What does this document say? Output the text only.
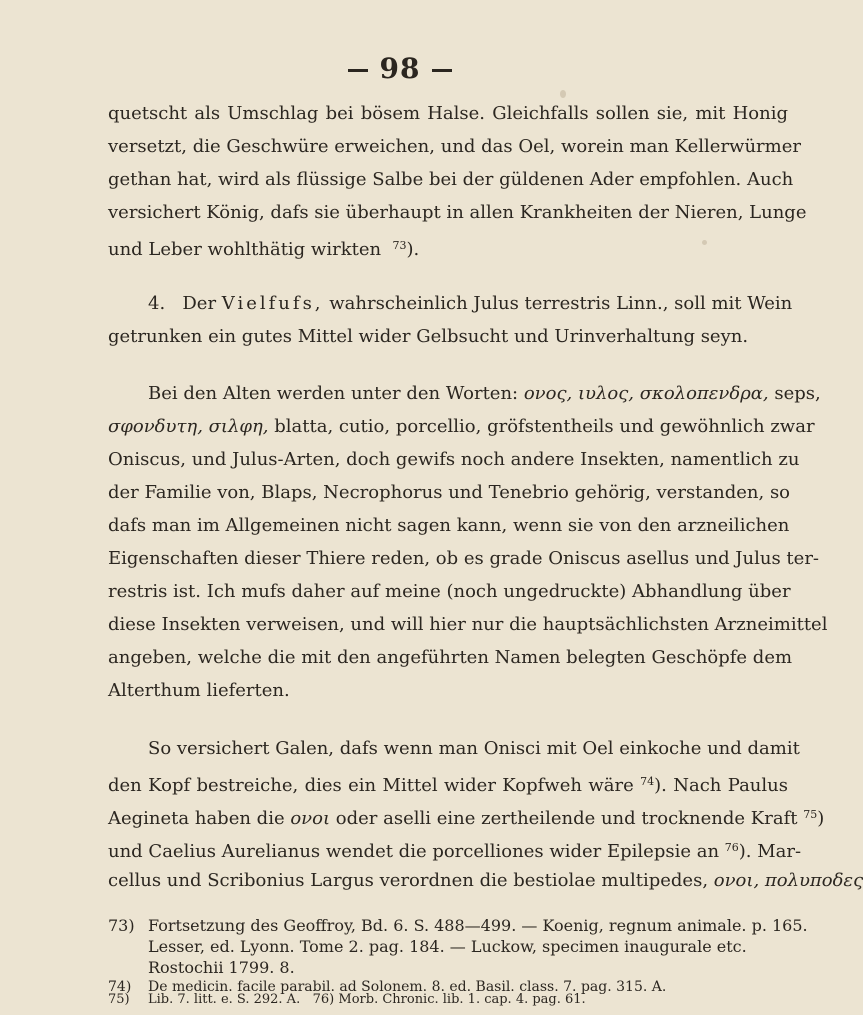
98
quetscht als Umschlag bei bösem Halse. Gleichfalls sollen sie, mit Honig
versetzt, die Geschwüre erweichen, und das Oel, worein man Kellerwürmer
gethan hat, wird als flüssige Salbe bei der güldenen Ader empfohlen. Auch
versichert König, dafs sie überhaupt in allen Krankheiten der Nieren, Lunge
und Leber wohlthätig wirkten $^{73}$).
4. Der Vielfufs, wahrscheinlich Julus terrestris Linn., soll mit Wein
getrunken ein gutes Mittel wider Gelbsucht und Urinverhaltung seyn.
Bei den Alten werden unter den Worten: ονος, ιυλος, σκολοπενδρα, seps,
σφονδυτη, σιλφη, blatta, cutio, porcellio, gröfstentheils und gewöhnlich zwar
Oniscus, und Julus-Arten, doch gewifs noch andere Insekten, namentlich zu
der Familie von, Blaps, Necrophorus und Tenebrio gehörig, verstanden, so
dafs man im Allgemeinen nicht sagen kann, wenn sie von den arzneilichen
Eigenschaften dieser Thiere reden, ob es grade Oniscus asellus und Julus ter-
restris ist. Ich mufs daher auf meine (noch ungedruckte) Abhandlung über
diese Insekten verweisen, und will hier nur die hauptsächlichsten Arzneimittel
angeben, welche die mit den angeführten Namen belegten Geschöpfe dem
Alterthum lieferten.
So versichert Galen, dafs wenn man Onisci mit Oel einkoche und damit
den Kopf bestreiche, dies ein Mittel wider Kopfweh wäre $^{74}$). Nach Paulus
Aegineta haben die ονοι oder aselli eine zertheilende und trocknende Kraft $^{75}$)
und Caelius Aurelianus wendet die porcelliones wider Epilepsie an $^{76}$). Mar-
cellus und Scribonius Largus verordnen die bestiolae multipedes, ονοι, πολυποδες
73) Fortsetzung des Geoffroy, Bd. 6. S. 488—499. — Koenig, regnum animale. p. 165.
Lesser, ed. Lyonn. Tome 2. pag. 184. — Luckow, specimen inaugurale etc.
Rostochii 1799. 8.
74) De medicin. facile parabil. ad Solonem. 8. ed. Basil. class. 7. pag. 315. A.
75) Lib. 7. litt. e. S. 292. A. 76) Morb. Chronic. lib. 1. cap. 4. pag. 61.
